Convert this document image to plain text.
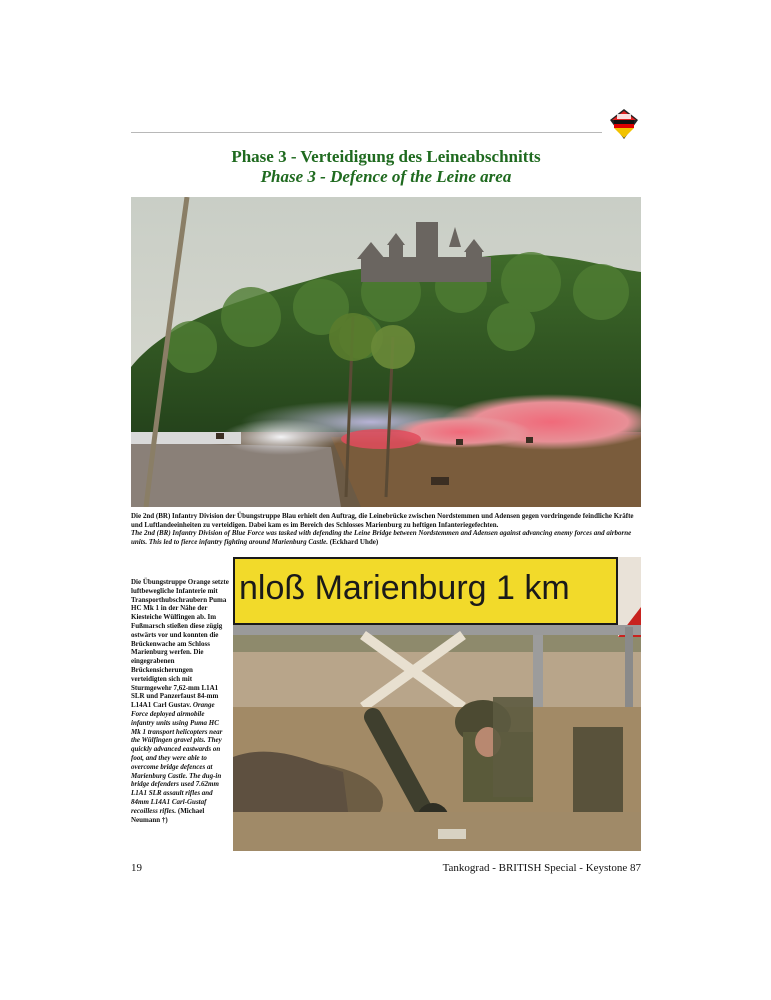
Phase 3 - Verteidigung des Leineabschnitts
Phase 3 - Defence of the Leine area
Die 2nd (BR) Infantry Division der Übungstruppe Blau erhielt den Auftrag, die Leinebrücke zwischen Nordstemmen und Adensen gegen vordringende feindliche Kräfte und Luftlandeeinheiten zu verteidigen. Dabei kam es im Bereich des Schlosses Marienburg zu heftigen Infanteriegefechten.
The 2nd (BR) Infantry Division of Blue Force was tasked with defending the Leine Bridge between Nordstemmen and Adensen against advancing enemy forces and airborne units. This led to fierce infantry fighting around Marienburg Castle. (Eckhard Uhde)
Die Übungstruppe Orange setzte luftbewegliche Infanterie mit Transporthubschraubern Puma HC Mk 1 in der Nähe der Kiesteiche Wülfingen ab. Im Fußmarsch stießen diese zügig ostwärts vor und konnten die Brückenwache am Schloss Marienburg werfen. Die eingegrabenen Brückensicherungen verteidigten sich mit Sturmgewehr 7,62-mm L1A1 SLR und Panzerfaust 84-mm L14A1 Carl Gustav. Orange Force deployed airmobile infantry units using Puma HC Mk 1 transport helicopters near the Wülfingen gravel pits. They quickly advanced eastwards on foot, and they were able to overcome bridge defences at Marienburg Castle. The dug-in bridge defenders used 7.62mm L1A1 SLR assault rifles and 84mm L14A1 Carl-Gustaf recoilless rifles. (Michael Neumann †)
nloß Marienburg 1 km
19	Tankograd - BRITISH Special - Keystone 87
